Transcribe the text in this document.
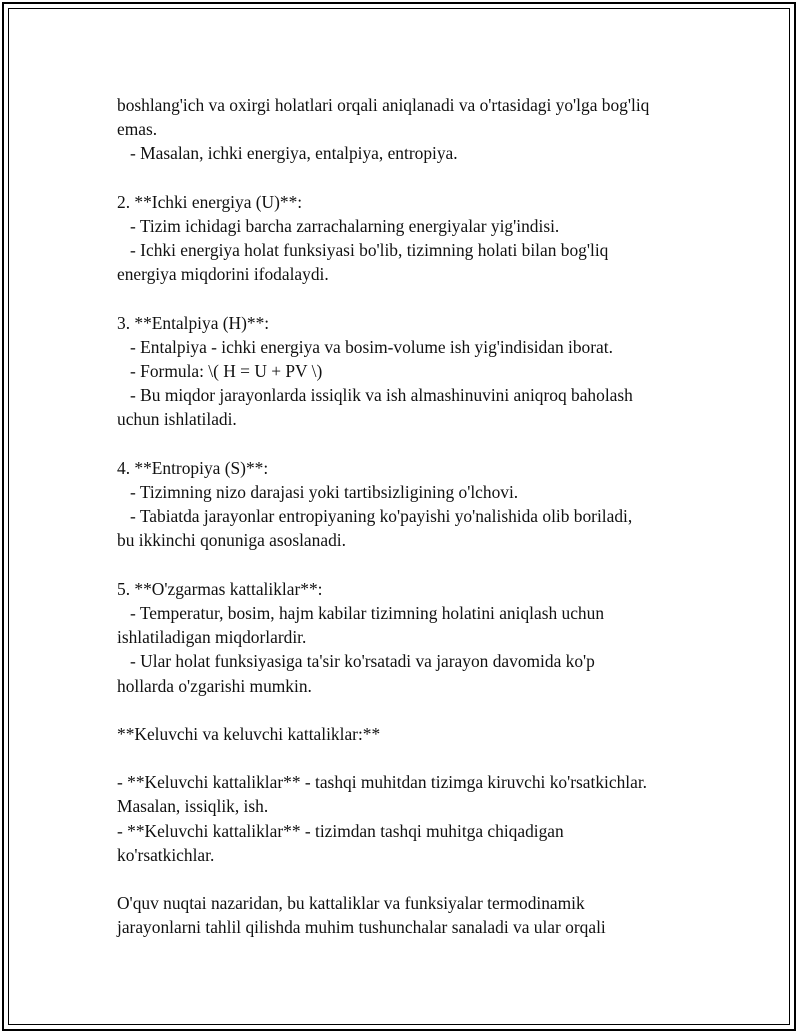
boshlang'ich va oxirgi holatlari orqali aniqlanadi va o'rtasidagi yo'lga bog'liq
emas.
- Masalan, ichki energiya, entalpiya, entropiya.
2. **Ichki energiya (U)**:
- Tizim ichidagi barcha zarrachalarning energiyalar yig'indisi.
- Ichki energiya holat funksiyasi bo'lib, tizimning holati bilan bog'liq
energiya miqdorini ifodalaydi.
3. **Entalpiya (H)**:
- Entalpiya - ichki energiya va bosim-volume ish yig'indisidan iborat.
- Formula: \( H = U + PV \)
- Bu miqdor jarayonlarda issiqlik va ish almashinuvini aniqroq baholash
uchun ishlatiladi.
4. **Entropiya (S)**:
- Tizimning nizo darajasi yoki tartibsizligining o'lchovi.
- Tabiatda jarayonlar entropiyaning ko'payishi yo'nalishida olib boriladi,
bu ikkinchi qonuniga asoslanadi.
5. **O'zgarmas kattaliklar**:
- Temperatur, bosim, hajm kabilar tizimning holatini aniqlash uchun
ishlatiladigan miqdorlardir.
- Ular holat funksiyasiga ta'sir ko'rsatadi va jarayon davomida ko'p
hollarda o'zgarishi mumkin.
**Keluvchi va keluvchi kattaliklar:**
- **Keluvchi kattaliklar** - tashqi muhitdan tizimga kiruvchi ko'rsatkichlar.
Masalan, issiqlik, ish.
- **Keluvchi kattaliklar** - tizimdan tashqi muhitga chiqadigan
ko'rsatkichlar.
O'quv nuqtai nazaridan, bu kattaliklar va funksiyalar termodinamik
jarayonlarni tahlil qilishda muhim tushunchalar sanaladi va ular orqali
